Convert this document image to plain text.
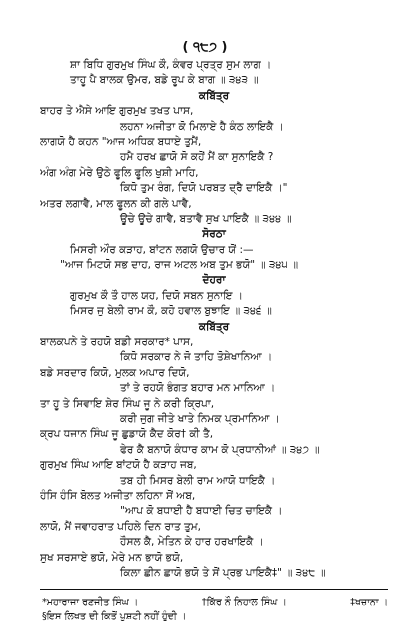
( ੧੮੭ )
ਸ਼ਾ ਬਿਧਿ ਗੁਰਮੁਖ ਸਿੰਘ ਕੌ, ਕੰਵਰ ਪ੍ਰਤ੍ਰ ਸੁਮ ਲਾਗ ।
ਤਾਹੂ ਪੈ ਬਾਲਕ ਉਮਰ, ਬਡੇ ਰੂਪ ਕੇ ਬਾਗ ॥ ੩੪੩ ॥
ਕਬਿੱਤ੍ਰ
ਬਾਹਰ ਤੇ ਐਸੇ ਆਇ ਗੁਰਮੁਖ ਤਖਤ ਪਾਸ,
ਲਹਨਾ ਅਜੀਤਾ ਕੋ ਮਿਲਾਏ ਹੈ ਕੰਠ ਲਾਇਕੈ ।
ਲਾਗਯੋ ਹੈ ਕਹਨ "ਆਜ ਅਧਿਕ ਬਧਾਏ ਤੁਮੈਂ,
ਹਮੈ ਹਰਖ ਛਾਯੋ ਸੋ ਕਹੋਂ ਮੈਂ ਕਾ ਸੁਨਾਇਕੈ ?
ਅੰਗ ਅੰਗ ਮੇਰੇ ਉਠੇ ਫੂਲਿ ਫੂਲਿ ਖੁਸ਼ੀ ਮਾਹਿ,
ਕਿਧੋ ਤੁਮ ਰੰਗ, ਦਿਯੋ ਪਰਬਤ ਦ੍ਰੈ ਦਾਇਕੈ ।"
ਅਤਰ ਲਗਾਵੈ, ਮਾਲ ਫੂਲਨ ਕੀ ਗਲੇ ਪਾਵੈ,
ਊਚੇ ਊਚੇ ਗਾਵੈ, ਬਤਾਵੈ ਸੁਖ ਪਾਇਕੈ ॥ ੩੪੪ ॥
ਸੋਰਠਾ
ਮਿਸਰੀ ਔਰ ਕੜਾਹ, ਬਾਂਟਨ ਲਗਯੋ ਉਚਾਰ ਯੋਂ :—
"ਆਜ ਮਿਟਯੋ ਸਭ ਦਾਹ, ਰਾਜ ਅਟਲ ਅਬ ਤੁਮ ਭਯੋ" ॥ ੩੪੫ ॥
ਦੋਹਰਾ
ਗੁਰਮੁਖ ਕੌ ਤੌ ਹਾਲ ਯਹ, ਦਿਯੋ ਸਬਨ ਸੁਨਾਇ ।
ਮਿਸਰ ਜੁ ਬੇਲੀ ਰਾਮ ਕੌ, ਕਹੋ ਹਵਾਲ ਬੁਝਾਇ ॥ ੩੪੬ ॥
ਕਬਿੱਤ੍ਰ
ਬਾਲਕਪਨੇ ਤੇ ਰਹਯੋ ਬਡੀ ਸਰਕਾਰ* ਪਾਸ,
ਕਿਧੋ ਸਰਕਾਰ ਨੇ ਜੋ ਤਾਹਿ ਤੋਸ਼ੇਖਾਨਿਆ ।
ਬਡੇ ਸਰਦਾਰ ਕਿਯੋ, ਮੁਲਕ ਅਪਾਰ ਦਿਯੋ,
ਤਾਂ ਤੇ ਰਹਯੋ ਭੰਗਤ ਬਹਾਰ ਮਨ ਮਾਨਿਆ ।
ਤਾ ਹੂ ਤੇ ਸਿਵਾਇ ਸ਼ੇਰ ਸਿੰਘ ਜੂ ਨੇ ਕਰੀ ਕ੍ਰਿਪਾ,
ਕਰੀ ਜੁਗ ਜੀਤੇ ਖਾਤੇ ਨਿਮਕ ਪ੍ਰਮਾਨਿਆ ।
ਕ੍ਰਪ ਧਜਾਨ ਸਿੰਘ ਜੂ ਛੁਡਾਯੋ ਕੈਦ ਕੋਰ† ਕੀ ਤੈ,
ਫੇਰ ਕੈ ਬਨਾਯੋ ਕੰਧਾਰ ਕਾਮ ਕੋ ਪ੍ਰਧਾਨੀਆਂ ॥ ੩੪੭ ॥
ਗੁਰਮੁਖ ਸਿੰਘ ਆਇ ਬਾਂਟਯੋ ਹੈ ਕੜਾਹ ਜਬ,
ਤਬ ਹੀ ਮਿਸਰ ਬੇਲੀ ਰਾਮ ਆਯੋ ਧਾਇਕੈ ।
ਹੰਸਿ ਹੰਸਿ ਬੋਲਤ ਅਜੀਤਾ ਲਹਿਨਾ ਸੋਂ ਅਬ,
"ਆਪ ਕੋ ਬਧਾਈ ਹੈ ਬਧਾਈ ਚਿਤ ਚਾਇਕੈ ।
ਲਾਯੋ, ਮੈਂ ਜਵਾਹਰਾਤ ਪਹਿਲੇ ਦਿਨ ਰਾਤ ਤੁਮ,
ਹੌਸਲ ਕੈ, ਮੇਤਿਨ ਕੇ ਹਾਰ ਹਰਖਾਇਕੈ ।
ਸੁਖ ਸਰਸਾਏ ਭਯੋ, ਮੇਰੇ ਮਨ ਭਾਯੋ ਭਯੋ,
ਕਿਲਾ ਛੀਨ ਛਾਯੋ ਭਯੋ ਤੇ ਸੋਂ ਪ੍ਰਭ ਪਾਇਕੈ‡" ॥ ੩੪੮ ॥
*ਮਹਾਰਾਜਾ ਰਣਜੀਤ ਸਿੰਘ ।	†ਕਿੱਰ ਨੌ ਨਿਹਾਲ ਸਿੰਘ ।	‡ਖਜ਼ਾਨਾ ।
§ਇਸ ਲਿਖਤ ਦੀ ਕਿਤੋਂ ਪੁਸ਼ਟੀ ਨਹੀਂ ਹੁੰਦੀ ।
